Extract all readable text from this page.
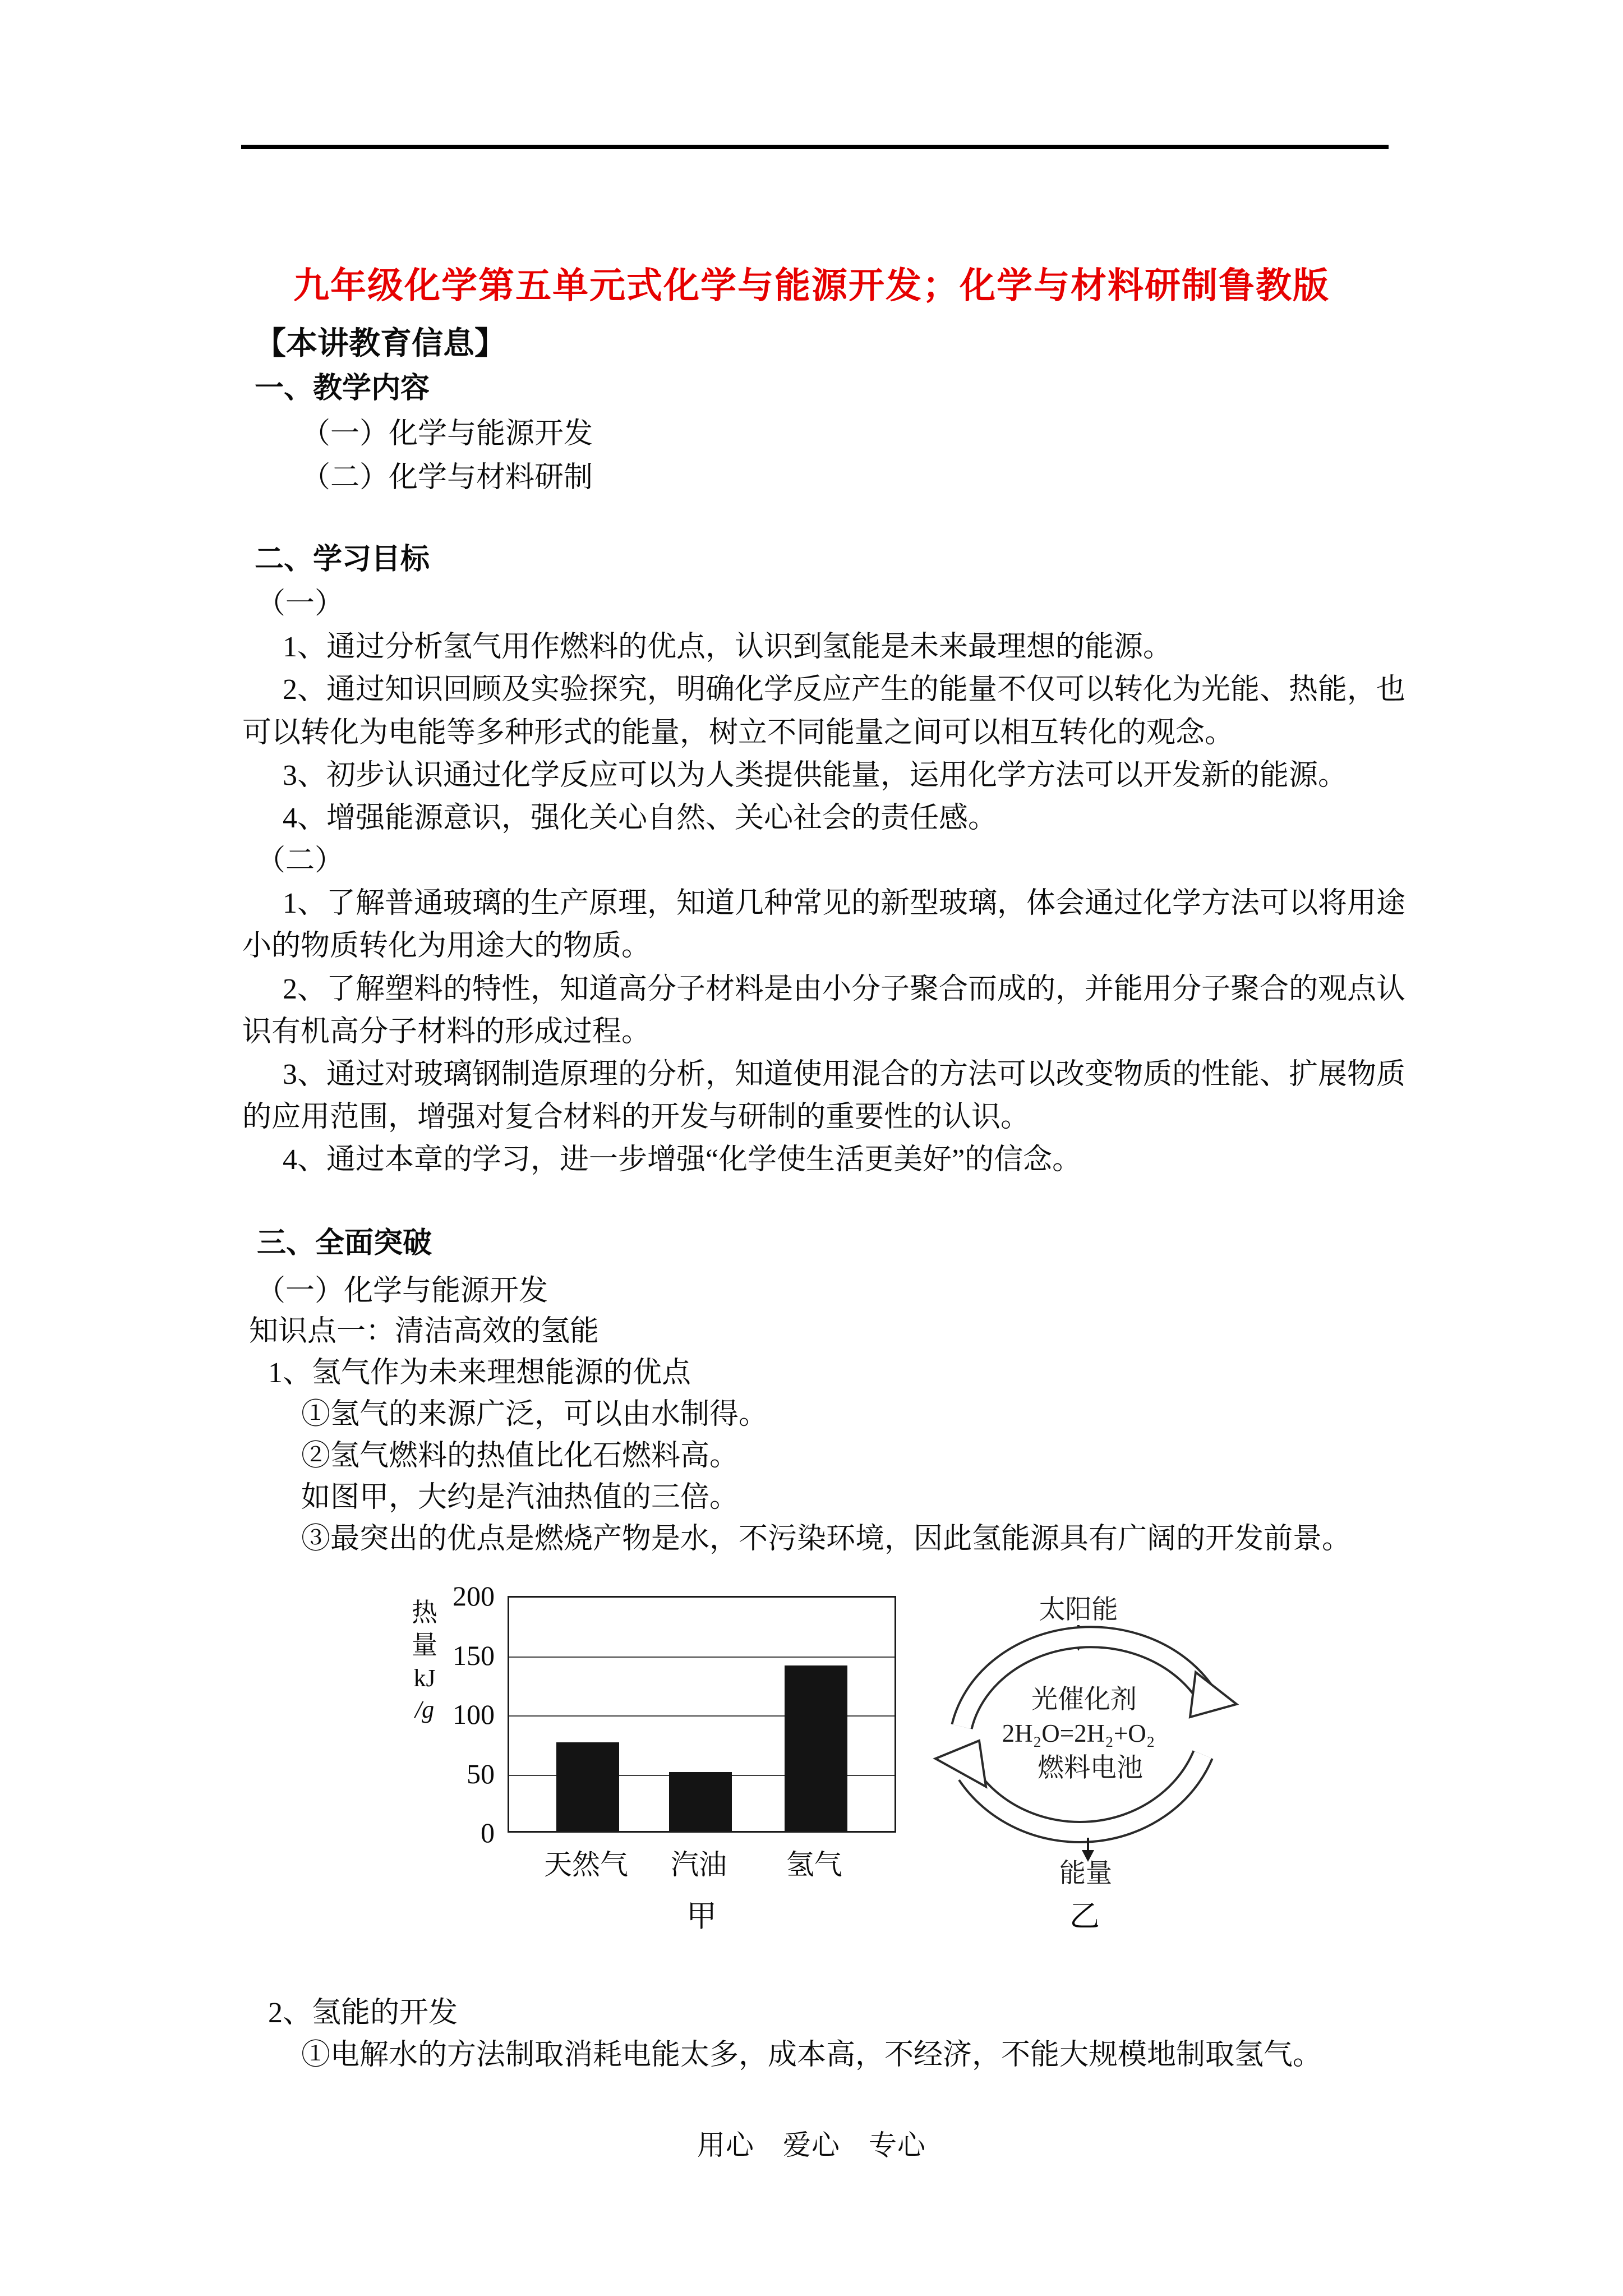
九年级化学第五单元式化学与能源开发；化学与材料研制鲁教版
【本讲教育信息】
一、教学内容
（一）化学与能源开发
（二）化学与材料研制
二、学习目标
（一）
1、通过分析氢气用作燃料的优点，认识到氢能是未来最理想的能源。
2、通过知识回顾及实验探究，明确化学反应产生的能量不仅可以转化为光能、热能，也
可以转化为电能等多种形式的能量，树立不同能量之间可以相互转化的观念。
3、初步认识通过化学反应可以为人类提供能量，运用化学方法可以开发新的能源。
4、增强能源意识，强化关心自然、关心社会的责任感。
（二）
1、了解普通玻璃的生产原理，知道几种常见的新型玻璃，体会通过化学方法可以将用途
小的物质转化为用途大的物质。
2、了解塑料的特性，知道高分子材料是由小分子聚合而成的，并能用分子聚合的观点认
识有机高分子材料的形成过程。
3、通过对玻璃钢制造原理的分析，知道使用混合的方法可以改变物质的性能、扩展物质
的应用范围，增强对复合材料的开发与研制的重要性的认识。
4、通过本章的学习，进一步增强“化学使生活更美好”的信念。
三、全面突破
（一）化学与能源开发
知识点一：清洁高效的氢能
1、氢气作为未来理想能源的优点
①氢气的来源广泛，可以由水制得。
②氢气燃料的热值比化石燃料高。
如图甲，大约是汽油热值的三倍。
③最突出的优点是燃烧产物是水，不污染环境，因此氢能源具有广阔的开发前景。
2、氢能的开发
①电解水的方法制取消耗电能太多，成本高，不经济，不能大规模地制取氢气。
热
量
kJ
/g
甲	乙
太阳能
光催化剂
2H₂O=2H₂+O₂
燃料电池
能量
用心　爱心　专心
0
50
100
150
200
天然气	汽油	氢气
